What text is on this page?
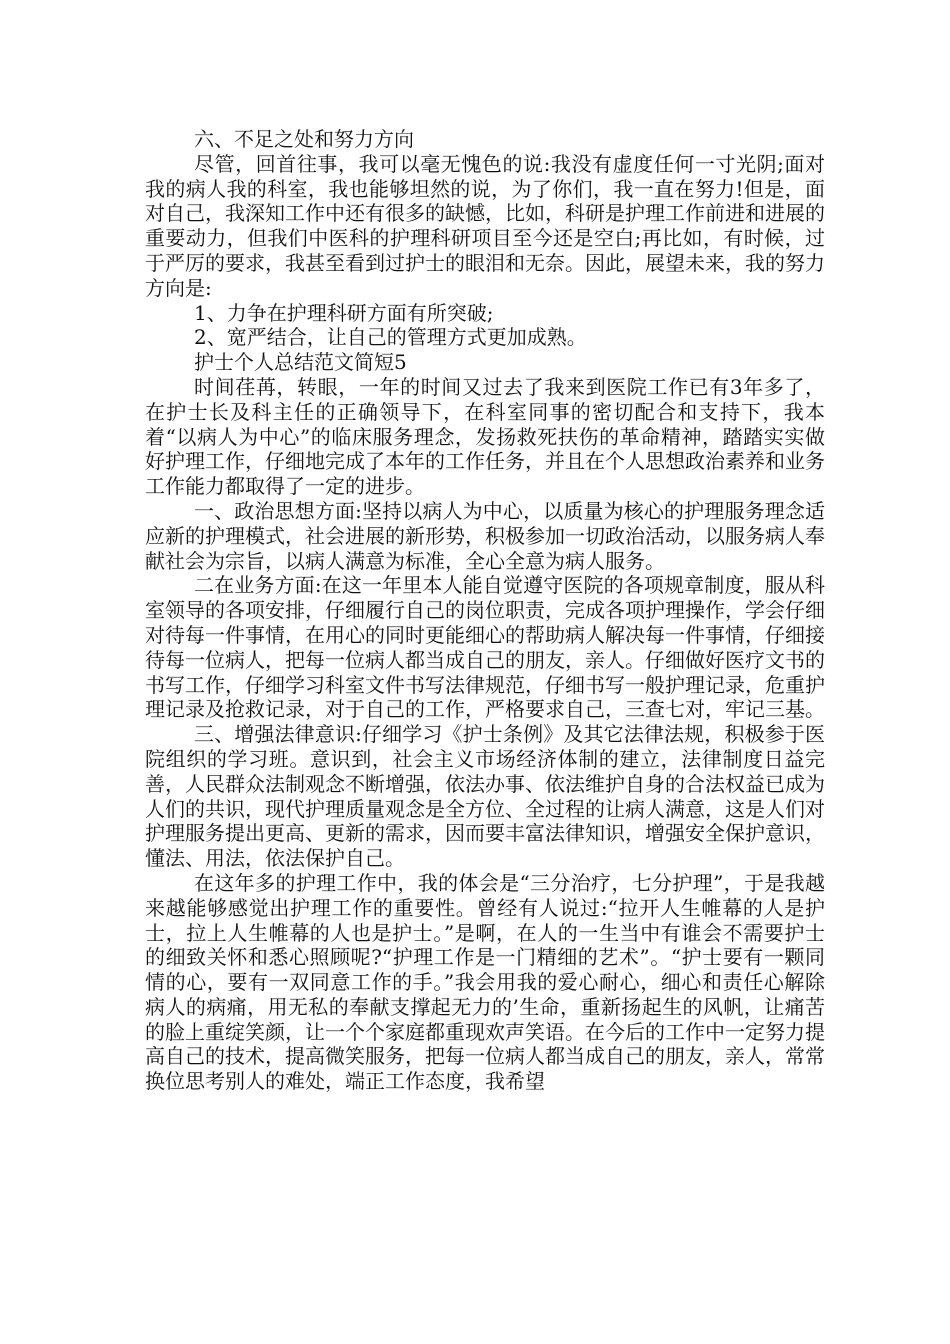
六、不足之处和努力方向

尽管，回首往事，我可以毫无愧色的说:我没有虚度任何一寸光阴;面对我的病人我的科室，我也能够坦然的说，为了你们，我一直在努力!但是，面对自己，我深知工作中还有很多的缺憾，比如，科研是护理工作前进和进展的重要动力，但我们中医科的护理科研项目至今还是空白;再比如，有时候，过于严厉的要求，我甚至看到过护士的眼泪和无奈。因此，展望未来，我的努力方向是:

1、力争在护理科研方面有所突破;

2、宽严结合，让自己的管理方式更加成熟。

护士个人总结范文简短5

时间荏苒，转眼，一年的时间又过去了我来到医院工作已有3年多了，在护士长及科主任的正确领导下，在科室同事的密切配合和支持下，我本着“以病人为中心”的临床服务理念，发扬救死扶伤的革命精神，踏踏实实做好护理工作，仔细地完成了本年的工作任务，并且在个人思想政治素养和业务工作能力都取得了一定的进步。

一、政治思想方面:坚持以病人为中心，以质量为核心的护理服务理念适应新的护理模式，社会进展的新形势，积极参加一切政治活动，以服务病人奉献社会为宗旨，以病人满意为标准，全心全意为病人服务。

二在业务方面:在这一年里本人能自觉遵守医院的各项规章制度，服从科室领导的各项安排，仔细履行自己的岗位职责，完成各项护理操作，学会仔细对待每一件事情，在用心的同时更能细心的帮助病人解决每一件事情，仔细接待每一位病人，把每一位病人都当成自己的朋友，亲人。仔细做好医疗文书的书写工作，仔细学习科室文件书写法律规范，仔细书写一般护理记录，危重护理记录及抢救记录，对于自己的工作，严格要求自己，三查七对，牢记三基。

三、增强法律意识:仔细学习《护士条例》及其它法律法规，积极参于医院组织的学习班。意识到，社会主义市场经济体制的建立，法律制度日益完善，人民群众法制观念不断增强，依法办事、依法维护自身的合法权益已成为人们的共识，现代护理质量观念是全方位、全过程的让病人满意，这是人们对护理服务提出更高、更新的需求，因而要丰富法律知识，增强安全保护意识，懂法、用法，依法保护自己。

在这年多的护理工作中，我的体会是“三分治疗，七分护理”，于是我越来越能够感觉出护理工作的重要性。曾经有人说过:“拉开人生帷幕的人是护士，拉上人生帷幕的人也是护士。”是啊，在人的一生当中有谁会不需要护士的细致关怀和悉心照顾呢?“护理工作是一门精细的艺术”。“护士要有一颗同情的心，要有一双同意工作的手。”我会用我的爱心耐心，细心和责任心解除病人的病痛，用无私的奉献支撑起无力的’生命，重新扬起生的风帆，让痛苦的脸上重绽笑颜，让一个个家庭都重现欢声笑语。在今后的工作中一定努力提高自己的技术，提高微笑服务，把每一位病人都当成自己的朋友，亲人，常常换位思考别人的难处，端正工作态度，我希望
